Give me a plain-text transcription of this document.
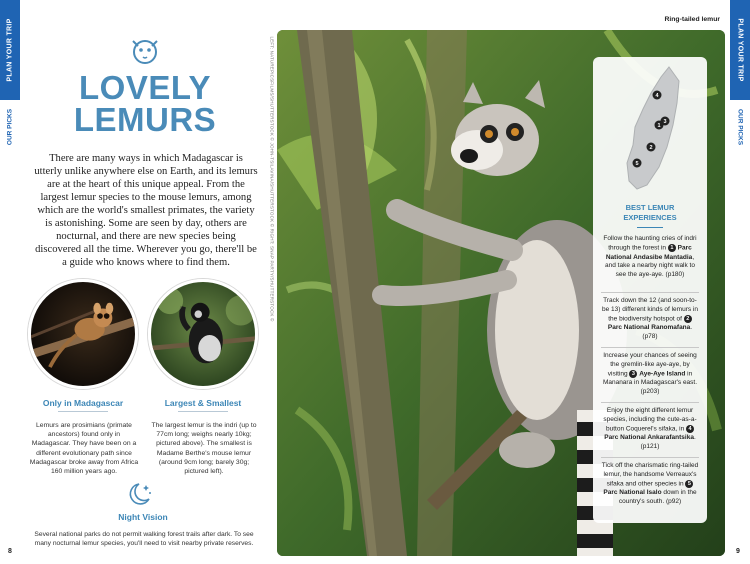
PLAN YOUR TRIP
OUR PICKS
PLAN YOUR TRIP
OUR PICKS
LOVELY
LEMURS

There are many ways in which Madagascar is utterly unlike anywhere else on Earth, and its lemurs are at the heart of this unique appeal. From the largest lemur species to the mouse lemurs, among which are the world's smallest primates, the variety is astonishing. Some are seen by day, others are nocturnal, and there are new species being discovered all the time. Wherever you go, there'll be a guide who knows where to find them.

Only in Madagascar

Lemurs are prosimians (primate ancestors) found only in Madagascar. They have been on a different evolutionary path since Madagascar broke away from Africa 160 million years ago.

Largest & Smallest

The largest lemur is the indri (up to 77cm long; weighs nearly 10kg; pictured above). The smallest is Madame Berthe's mouse lemur (around 9cm long; barely 30g; pictured left).

Night Vision

Several national parks do not permit walking forest trails after dark. To see many nocturnal lemur species, you'll need to visit nearby private reserves.

8
LEFT: NATUREPICSFILMS/SHUTTERSTOCK © JOHN-TSILAVINA/SHUTTERSTOCK © RIGHT: SNAP PARTY/SHUTTERSTOCK ©
Ring-tailed lemur
4
3
1
2
5
BEST LEMUR
EXPERIENCES

Follow the haunting cries of indri through the forest in 1 Parc National Andasibe Mantadia, and take a nearby night walk to see the aye-aye. (p180)

Track down the 12 (and soon-to-be 13) different kinds of lemurs in the biodiversity hotspot of 2 Parc National Ranomafana. (p78)

Increase your chances of seeing the gremlin-like aye-aye, by visiting 3 Aye-Aye Island in Mananara in Madagascar's east. (p203)

Enjoy the eight different lemur species, including the cute-as-a-button Coquerel's sifaka, in 4 Parc National Ankarafantsika. (p121)

Tick off the charismatic ring-tailed lemur, the handsome Verreaux's sifaka and other species in 5 Parc National Isalo down in the country's south. (p92)

9
